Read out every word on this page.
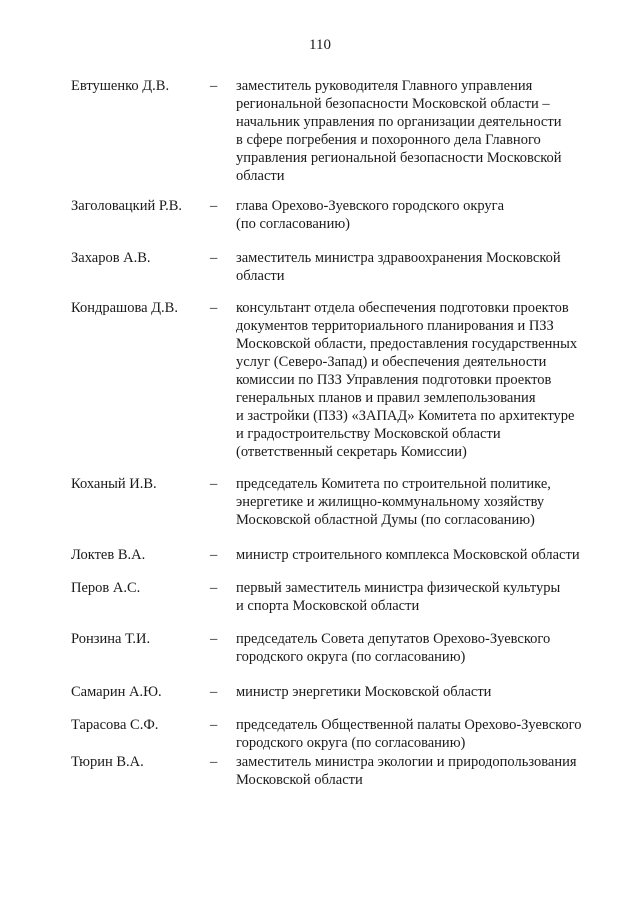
110
Евтушенко Д.В.	– заместитель руководителя Главного управления
региональной безопасности Московской области –
начальник управления по организации деятельности
в сфере погребения и похоронного дела Главного
управления региональной безопасности Московской
области

Заголовацкий Р.В. – глава Орехово-Зуевского городского округа
(по согласованию)

Захаров А.В.	– заместитель министра здравоохранения Московской
области

Кондрашова Д.В. – консультант отдела обеспечения подготовки проектов
документов территориального планирования и ПЗЗ
Московской области, предоставления государственных
услуг (Северо-Запад) и обеспечения деятельности
комиссии по ПЗЗ Управления подготовки проектов
генеральных планов и правил землепользования
и застройки (ПЗЗ) «ЗАПАД» Комитета по архитектуре
и градостроительству Московской области
(ответственный секретарь Комиссии)

Коханый И.В.	– председатель Комитета по строительной политике,
энергетике и жилищно-коммунальному хозяйству
Московской областной Думы (по согласованию)

Локтев В.А.	– министр строительного комплекса Московской области

Перов А.С.	– первый заместитель министра физической культуры
и спорта Московской области

Ронзина Т.И.	– председатель Совета депутатов Орехово-Зуевского
городского округа (по согласованию)

Самарин А.Ю.	– министр энергетики Московской области

Тарасова С.Ф.	– председатель Общественной палаты Орехово-Зуевского
городского округа (по согласованию)

Тюрин В.А.	– заместитель министра экологии и природопользования
Московской области
